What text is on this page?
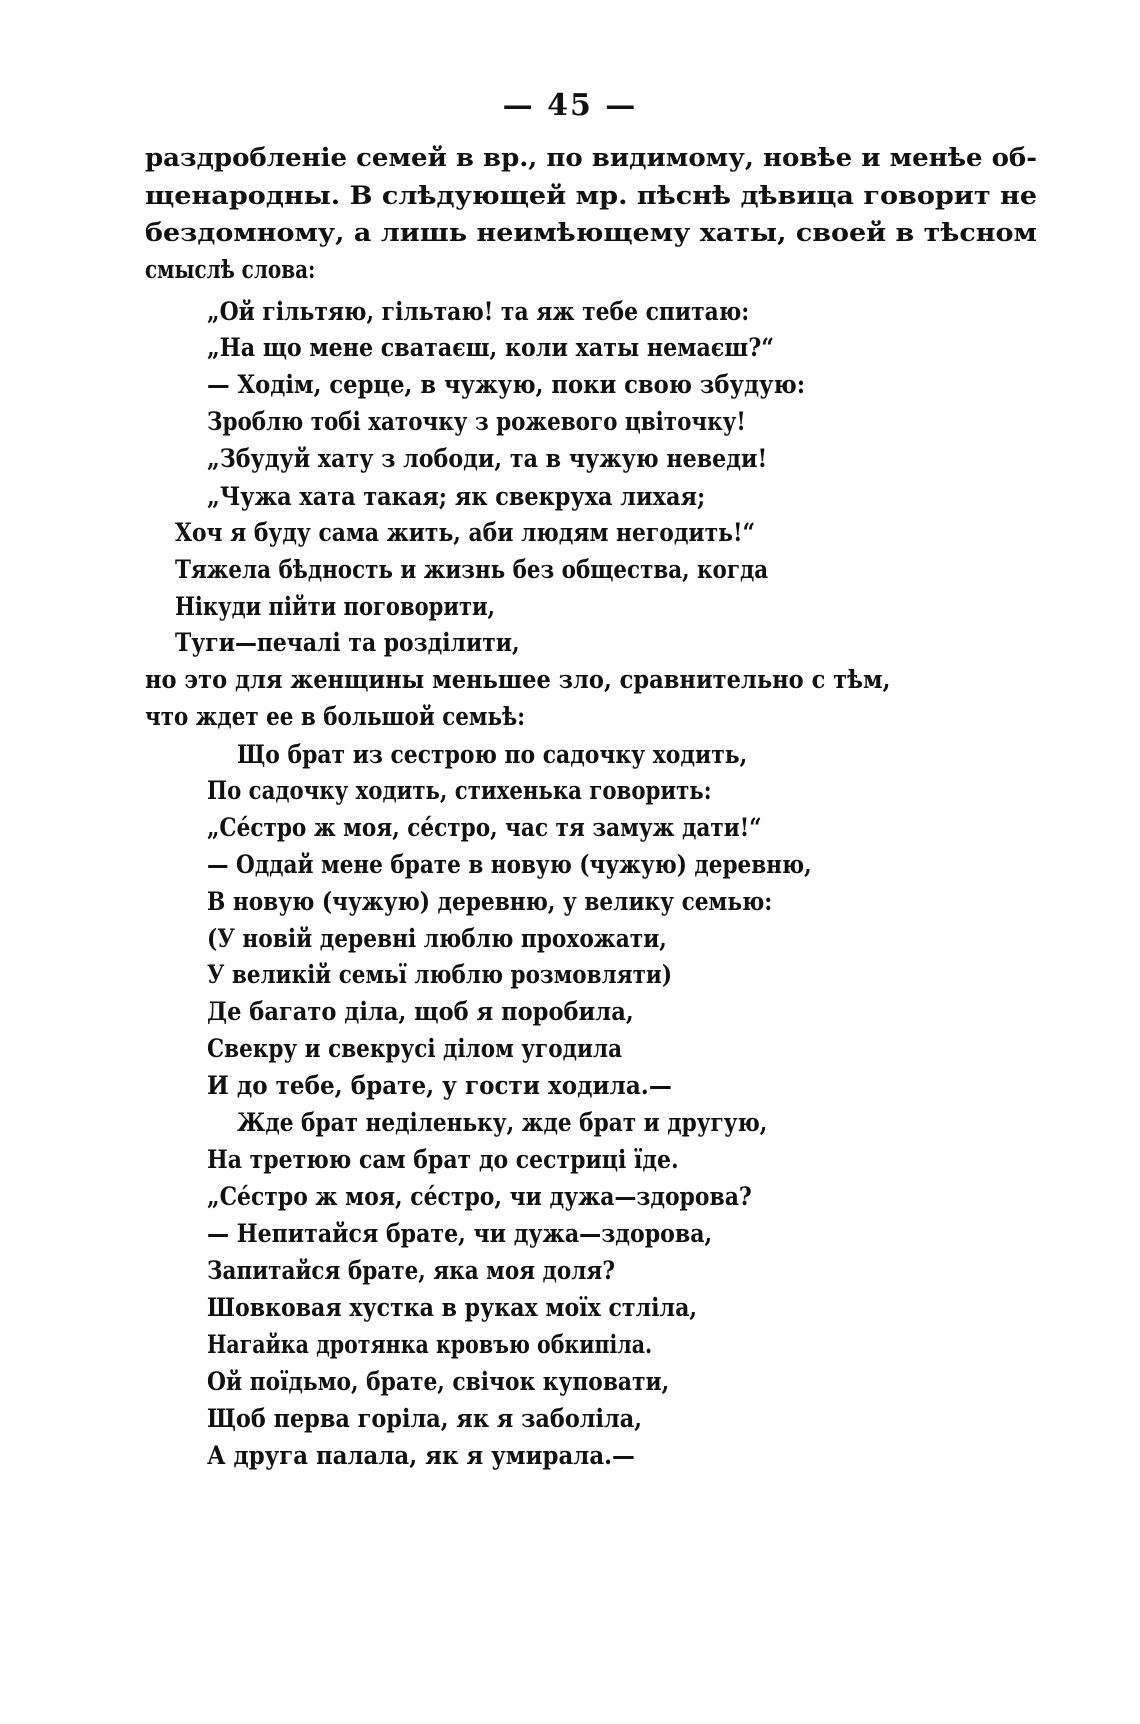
— 45 —
раздробленіе семей в вр., по видимому, новѣе и менѣе об-
щенародны. В слѣдующей мр. пѣснѣ дѣвица говорит не
бездомному, а лишь неимѣющему хаты, своей в тѣсном
смыслѣ слова:
„Ой гільтяю, гільтаю! та яж тебе спитаю:
„На що мене сватаєш, коли хаты немаєш?“
— Ходім, серце, в чужую, поки свою збудую:
Зроблю тобі хаточку з рожевого цвіточку!
„Збудуй хату з лободи, та в чужую неведи!
„Чужа хата такая; як свекруха лихая;
Хоч я буду сама жить, аби людям негодить!“
Тяжела бѣдность и жизнь без общества, когда
Нікуди пійти поговорити,
Туги—печалі та розділити,
но это для женщины меньшее зло, сравнительно с тѣм,
что ждет ее в большой семьѣ:
Що брат из сестрою по садочку ходить,
По садочку ходить, стихенька говорить:
„Сéстро ж моя, сéстро, час тя замуж дати!“
— Оддай мене брате в новую (чужую) деревню,
В новую (чужую) деревню, у велику семью:
(У новій деревні люблю прохожати,
У великій семьї люблю розмовляти)
Де багато діла, щоб я поробила,
Свекру и свекрусі ділом угодила
И до тебе, брате, у гости ходила.—
Жде брат неділеньку, жде брат и другую,
На третюю сам брат до сестриці їде.
„Сéстро ж моя, сéстро, чи дужа—здорова?
— Непитайся брате, чи дужа—здорова,
Запитайся брате, яка моя доля?
Шовковая хустка в руках моїх стліла,
Нагайка дротянка кровъю обкипіла.
Ой поїдьмо, брате, свічок куповати,
Щоб перва горіла, як я заболіла,
А друга палала, як я умирала.—
